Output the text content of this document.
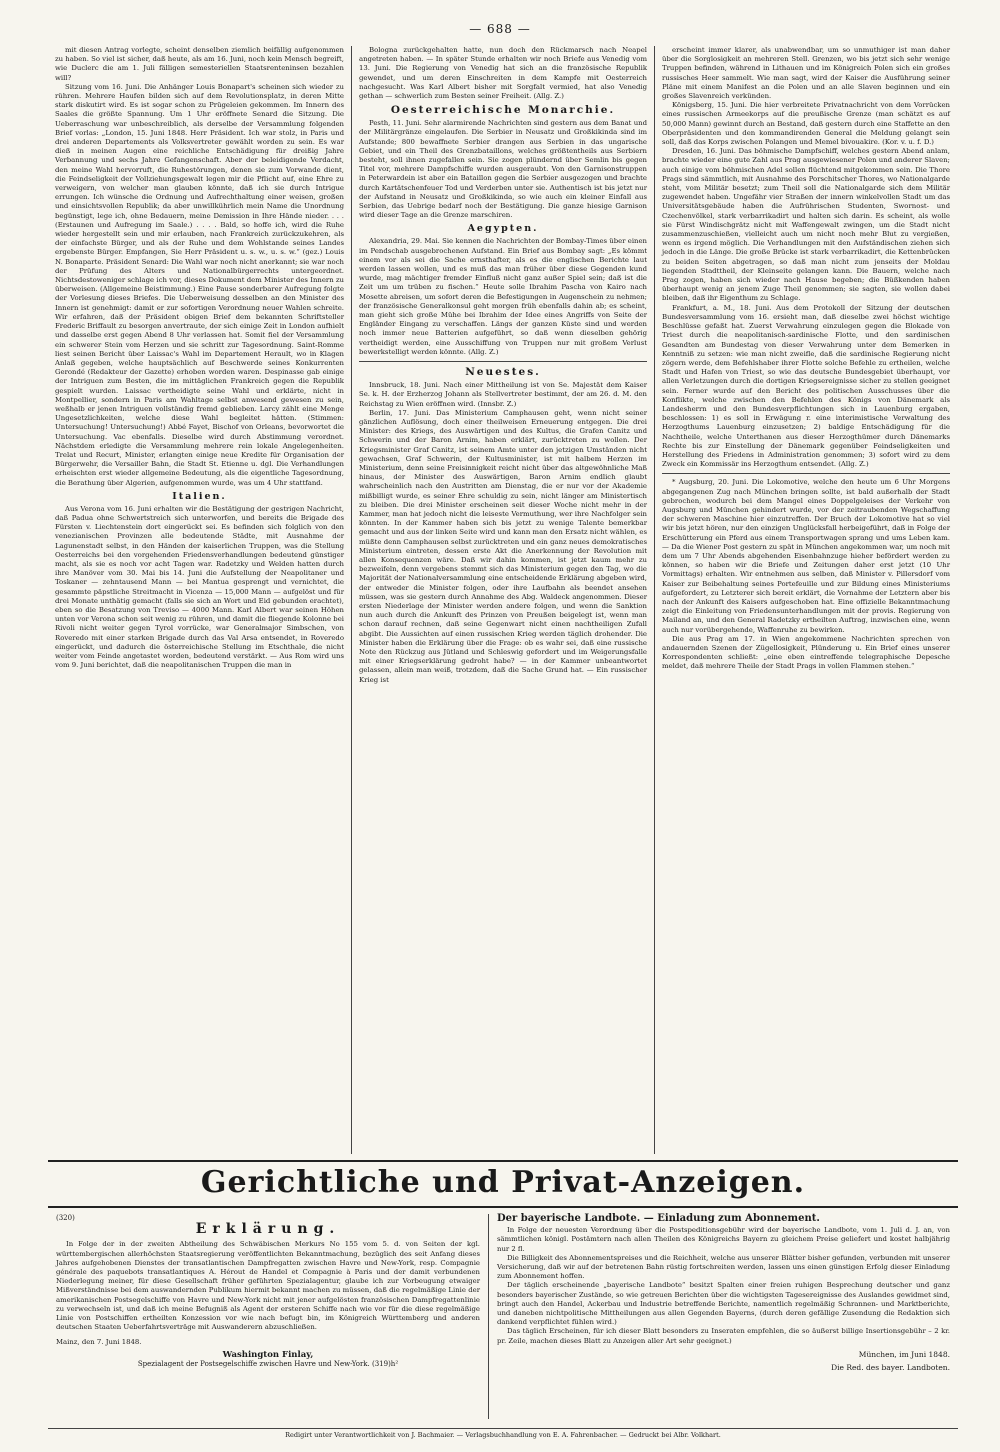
— 688 —

mit diesen Antrag vorlegte, scheint denselben ziemlich beifällig aufgenommen zu haben. So viel ist sicher, daß heute, als am 16. Juni, noch kein Mensch begreift, wie Duclerc die am 1. Juli fälligen semesteriellen Staatsrenteninsen bezahlen will?

Sitzung vom 16. Juni. Die Anhänger Louis Bonapart's scheinen sich wieder zu rühren. Mehrere Haufen bilden sich auf dem Revolutionsplatz, in deren Mitte stark diskutirt wird. Es ist sogar schon zu Prügeleien gekommen. Im Innern des Saales die größte Spannung. Um 1 Uhr eröffnete Senard die Sitzung. Die Ueberraschung war unbeschreiblich, als derselbe der Versammlung folgenden Brief vorlas: „London, 15. Juni 1848. Herr Präsident. Ich war stolz, in Paris und drei anderen Departements als Volksvertreter gewählt worden zu sein. Es war dieß in meinen Augen eine reichliche Entschädigung für dreißig Jahre Verbannung und sechs Jahre Gefangenschaft. Aber der beleidigende Verdacht, den meine Wahl hervorruft, die Ruhestörungen, denen sie zum Vorwande dient, die Feindseligkeit der Vollziehungsgewalt legen mir die Pflicht auf, eine Ehre zu verweigern, von welcher man glauben könnte, daß ich sie durch Intrigue errungen. Ich wünsche die Ordnung und Aufrechthaltung einer weisen, großen und einsichtsvollen Republik; da aber unwillkührlich mein Name die Unordnung begünstigt, lege ich, ohne Bedauern, meine Demission in Ihre Hände nieder. . . . (Erstaunen und Aufregung im Saale.) . . . . Bald, so hoffe ich, wird die Ruhe wieder hergestellt sein und mir erlauben, nach Frankreich zurückzukehren, als der einfachste Bürger, und als der Ruhe und dem Wohlstande seines Landes ergebenste Bürger. Empfangen, Sie Herr Präsident u. s. w., u. s. w.“ (gez.) Louis N. Bonaparte. Präsident Senard: Die Wahl war noch nicht anerkannt; sie war noch der Prüfung des Alters und Nationalbürgerrechts untergeordnet. Nichtsdestoweniger schlage ich vor, dieses Dokument dem Minister des Innern zu überweisen. (Allgemeine Beistimmung.) Eine Pause sonderbarer Aufregung folgte der Vorlesung dieses Briefes. Die Ueberweisung desselben an den Minister des Innern ist genehmigt: damit er zur sofortigen Verordnung neuer Wahlen schreite. Wir erfahren, daß der Präsident obigen Brief dem bekannten Schriftsteller Frederic Briffault zu besorgen anvertraute, der sich einige Zeit in London aufhielt und dasselbe erst gegen Abend 8 Uhr verlassen hat. Somit fiel der Versammlung ein schwerer Stein vom Herzen und sie schritt zur Tagesordnung. Saint-Romme liest seinen Bericht über Laissac's Wahl im Departement Herault, wo in Klagen Anlaß gegeben, welche hauptsächlich auf Beschwerde seines Konkurrenten Gerondé (Redakteur der Gazette) erhoben worden waren. Despinasse gab einige der Intriguen zum Besten, die im mittäglichen Frankreich gegen die Republik gespielt wurden. Laissac vertheidigte seine Wahl und erklärte, nicht in Montpellier, sondern in Paris am Wahltage selbst anwesend gewesen zu sein, weßhalb er jenen Intriguen vollständig fremd geblieben. Larcy zählt eine Menge Ungesetzlichkeiten, welche diese Wahl begleitet hätten. (Stimmen: Untersuchung! Untersuchung!) Abbé Fayet, Bischof von Orleans, bevorwortet die Untersuchung. Vac ebenfalls. Dieselbe wird durch Abstimmung verordnet. Nächstdem erledigte die Versammlung mehrere rein lokale Angelegenheiten. Trelat und Recurt, Minister, erlangten einige neue Kredite für Organisation der Bürgerwehr, die Versailler Bahn, die Stadt St. Etienne u. dgl. Die Verhandlungen erheischten erst wieder allgemeine Bedeutung, als die eigentliche Tagesordnung, die Berathung über Algerien, aufgenommen wurde, was um 4 Uhr stattfand.

Italien.

Aus Verona vom 16. Juni erhalten wir die Bestätigung der gestrigen Nachricht, daß Padua ohne Schwertstreich sich unterworfen, und bereits die Brigade des Fürsten v. Liechtenstein dort eingerückt sei. Es befinden sich folglich von den venezianischen Provinzen alle bedeutende Städte, mit Ausnahme der Lagunenstadt selbst, in den Händen der kaiserlichen Truppen, was die Stellung Oesterreichs bei den vorgehenden Friedensverhandlungen bedeutend günstiger macht, als sie es noch vor acht Tagen war. Radetzky und Welden hatten durch ihre Manöver vom 30. Mai bis 14. Juni die Aufstellung der Neapolitaner und Toskaner — zehntausend Mann — bei Mantua gesprengt und vernichtet, die gesammte päpstliche Streitmacht in Vicenza — 15,000 Mann — aufgelöst und für drei Monate unthätig gemacht (falls sie sich an Wort und Eid gebunden erachtet), eben so die Besatzung von Treviso — 4000 Mann. Karl Albert war seinen Höhen unten vor Verona schon seit wenig zu rühren, und damit die fliegende Kolonne bei Rivoli nicht weiter gegen Tyrol vorrücke, war Generalmajor Simbschen, von Roveredo mit einer starken Brigade durch das Val Arsa entsendet, in Roveredo eingerückt, und dadurch die österreichische Stellung im Etschthale, die nicht weiter vom Feinde angetastet worden, bedeutend verstärkt. — Aus Rom wird uns vom 9. Juni berichtet, daß die neapolitanischen Truppen die man in

Bologna zurückgehalten hatte, nun doch den Rückmarsch nach Neapel angetreten haben. — In später Stunde erhalten wir noch Briefe aus Venedig vom 13. Juni. Die Regierung von Venedig hat sich an die französische Republik gewendet, und um deren Einschreiten in dem Kampfe mit Oesterreich nachgesucht. Was Karl Albert bisher mit Sorgfalt vermied, hat also Venedig gethan — schwerlich zum Besten seiner Freiheit. (Allg. Z.)

Oesterreichische Monarchie.

Pesth, 11. Juni. Sehr alarmirende Nachrichten sind gestern aus dem Banat und der Militärgränze eingelaufen. Die Serbier in Neusatz und Großkikinda sind im Aufstande; 800 bewaffnete Serbier drangen aus Serbien in das ungarische Gebiet, und ein Theil des Grenzbataillons, welches größtentheils aus Serbiern besteht, soll ihnen zugefallen sein. Sie zogen plündernd über Semlin bis gegen Titel vor, mehrere Dampfschiffe wurden ausgeraubt. Von den Garnisonstruppen in Peterwardein ist aber ein Bataillon gegen die Serbier ausgezogen und brachte durch Kartätschenfeuer Tod und Verderben unter sie. Authentisch ist bis jetzt nur der Aufstand in Neusatz und Großkikinda, so wie auch ein kleiner Einfall aus Serbien, das Uebrige bedarf noch der Bestätigung. Die ganze hiesige Garnison wird dieser Tage an die Grenze marschiren.

Aegypten.

Alexandria, 29. Mai. Sie kennen die Nachrichten der Bombay-Times über einen im Pendschab ausgebrochenen Aufstand. Ein Brief aus Bombay sagt: „Es kömmt einem vor als sei die Sache ernsthafter, als es die englischen Berichte laut werden lassen wollen, und es muß das man früher über diese Gegenden kund wurde, mag mächtiger fremder Einfluß nicht ganz außer Spiel sein; daß ist die Zeit um um trüben zu fischen.“ Heute solle Ibrahim Pascha von Kairo nach Mosette abreisen, um sofort deren die Befestigungen in Augenschein zu nehmen; der französische Generalkonsul geht morgen früh ebenfalls dahin ab; es scheint, man gieht sich große Mühe bei Ibrahim der Idee eines Angriffs von Seite der Engländer Eingang zu verschaffen. Längs der ganzen Küste sind und werden noch immer neue Batterien aufgeführt, so daß wenn dieselben gehörig vertheidigt werden, eine Ausschiffung von Truppen nur mit großem Verlust bewerkstelligt werden könnte. (Allg. Z.)

Neuestes.

Innsbruck, 18. Juni. Nach einer Mittheilung ist von Se. Majestät dem Kaiser Se. k. H. der Erzherzog Johann als Stellvertreter bestimmt, der am 26. d. M. den Reichstag zu Wien eröffnen wird. (Innsbr. Z.)

Berlin, 17. Juni. Das Ministerium Camphausen geht, wenn nicht seiner gänzlichen Auflösung, doch einer theilweisen Erneuerung entgegen. Die drei Minister: des Kriegs, des Auswärtigen und des Kultus, die Grafen Canitz und Schwerin und der Baron Arnim, haben erklärt, zurücktreten zu wollen. Der Kriegsminister Graf Canitz, ist seinem Amte unter den jetzigen Umständen nicht gewachsen, Graf Schwerin, der Kultusminister, ist mit halbem Herzen im Ministerium, denn seine Freisinnigkeit reicht nicht über das altgewöhnliche Maß hinaus, der Minister des Auswärtigen, Baron Arnim endlich glaubt wahrscheinlich nach den Austritten am Dienstag, die er nur vor der Akademie mißbilligt wurde, es seiner Ehre schuldig zu sein, nicht länger am Ministertisch zu bleiben. Die drei Minister erscheinen seit dieser Woche nicht mehr in der Kammer, man hat jedoch nicht die leiseste Vermuthung, wer ihre Nachfolger sein könnten. In der Kammer haben sich bis jetzt zu wenige Talente bemerkbar gemacht und aus der linken Seite wird und kann man den Ersatz nicht wählen, es müßte denn Camphausen selbst zurücktreten und ein ganz neues demokratisches Ministerium eintreten, dessen erste Akt die Anerkennung der Revolution mit allen Konsequenzen wäre. Daß wir dahin kommen, ist jetzt kaum mehr zu bezweifeln, denn vergebens stemmt sich das Ministerium gegen den Tag, wo die Majorität der Nationalversammlung eine entscheidende Erklärung abgeben wird, der entweder die Minister folgen, oder ihre Laufbahn als beendet ansehen müssen, was sie gestern durch Annahme des Abg. Waldeck angenommen. Dieser ersten Niederlage der Minister werden andere folgen, und wenn die Sanktion nun auch durch die Ankunft des Prinzen von Preußen beigelegt ist, wenn man schon darauf rechnen, daß seine Gegenwart nicht einen nachtheiligen Zufall abgibt. Die Aussichten auf einen russischen Krieg werden täglich drohender. Die Minister haben die Erklärung über die Frage: ob es wahr sei, daß eine russische Note den Rückzug aus Jütland und Schleswig gefordert und im Weigerungsfalle mit einer Kriegserklärung gedroht habe? — in der Kammer unbeantwortet gelassen, allein man weiß, trotzdem, daß die Sache Grund hat. — Ein russischer Krieg ist

erscheint immer klarer, als unabwendbar, um so unmuthiger ist man daher über die Sorglosigkeit an mehreren Stell. Grenzen, wo bis jetzt sich sehr wenige Truppen befinden, während in Lithauen und im Königreich Polen sich ein großes russisches Heer sammelt. Wie man sagt, wird der Kaiser die Ausführung seiner Pläne mit einem Manifest an die Polen und an alle Slaven beginnen und ein großes Slavenreich verkünden.

Königsberg, 15. Juni. Die hier verbreitete Privatnachricht von dem Vorrücken eines russischen Armeekorps auf die preußische Grenze (man schätzt es auf 50,000 Mann) gewinnt durch an Bestand, daß gestern durch eine Staffette an den Oberpräsidenten und den kommandirenden General die Meldung gelangt sein soll, daß das Korps zwischen Polangen und Memel bivouakire. (Kor. v. u. f. D.)

Dresden, 16. Juni. Das böhmische Dampfschiff, welches gestern Abend anlam, brachte wieder eine gute Zahl aus Prag ausgewiesener Polen und anderer Slaven; auch einige vom böhmischen Adel sollen flüchtend mitgekommen sein. Die Thore Prags sind sämmtlich, mit Ausnahme des Porschitscher Thores, wo Nationalgarde steht, vom Militär besetzt; zum Theil soll die Nationalgarde sich dem Militär zugewendet haben. Ungefähr vier Straßen der innern winkelvollen Stadt um das Universitätsgebäude haben die Aufrührischen Studenten, Swornost- und Czechenvölkel, stark verbarrikadirt und halten sich darin. Es scheint, als wolle sie Fürst Windischgrätz nicht mit Waffengewalt zwingen, um die Stadt nicht zusammenzuschießen, vielleicht auch um nicht noch mehr Blut zu vergießen, wenn es irgend möglich. Die Verhandlungen mit den Aufständischen ziehen sich jedoch in die Länge. Die große Brücke ist stark verbarrikadirt, die Kettenbrücken zu beiden Seiten abgetragen, so daß man nicht zum jenseits der Moldau liegenden Stadttheil, der Kleinseite gelangen kann. Die Bauern, welche nach Prag zogen, haben sich wieder nach Hause begeben; die Büßkenden haben überhaupt wenig an jenem Zuge Theil genommen; sie sagten, sie wollen dabei bleiben, daß ihr Eigenthum zu Schlage.

Frankfurt, a. M., 18. Juni. Aus dem Protokoll der Sitzung der deutschen Bundesversammlung vom 16. ersieht man, daß dieselbe zwei höchst wichtige Beschlüsse gefaßt hat. Zuerst Verwahrung einzulegen gegen die Blokade von Triest durch die neapolitanisch-sardinische Flotte, und den sardinischen Gesandten am Bundestag von dieser Verwahrung unter dem Bemerken in Kenntniß zu setzen: wie man nicht zweifle, daß die sardinische Regierung nicht zögern werde, dem Befehlshaber ihrer Flotte solche Befehle zu ertheilen, welche Stadt und Hafen von Triest, so wie das deutsche Bundesgebiet überhaupt, vor allen Verletzungen durch die dortigen Kriegsereignisse sicher zu stellen geeignet sein. Ferner wurde auf den Bericht des politischen Ausschusses über die Konflikte, welche zwischen den Befehlen des Königs von Dänemark als Landesherrn und den Bundesverpflichtungen sich in Lauenburg ergaben, beschlossen: 1) es soll in Erwägung r. eine interimistische Verwaltung des Herzogthums Lauenburg einzusetzen; 2) baldige Entschädigung für die Nachtheile, welche Unterthanen aus dieser Herzogthümer durch Dänemarks Rechte bis zur Einstellung der Dänemark gegenüber Feindseligkeiten und Herstellung des Friedens in Administration genommen; 3) sofort wird zu dem Zweck ein Kommissär ins Herzogthum entsendet. (Allg. Z.)

* Augsburg, 20. Juni. Die Lokomotive, welche den heute um 6 Uhr Morgens abgegangenen Zug nach München bringen sollte, ist bald außerhalb der Stadt gebrochen, wodurch bei dem Mangel eines Doppelgeleises der Verkehr von Augsburg und München gehindert wurde, vor der zeitraubenden Wegschaffung der schweren Maschine hier einzutreffen. Der Bruch der Lokomotive hat so viel wir bis jetzt hören, nur den einzigen Unglücksfall herbeigeführt, daß in Folge der Erschütterung ein Pferd aus einem Transportwagen sprang und ums Leben kam. — Da die Wiener Post gestern zu spät in München angekommen war, um noch mit dem um 7 Uhr Abends abgehenden Eisenbahnzuge hieher befördert werden zu können, so haben wir die Briefe und Zeitungen daher erst jetzt (10 Uhr Vormittags) erhalten. Wir entnehmen aus selben, daß Minister v. Pillersdorf vom Kaiser zur Beibehaltung seines Portefeuille und zur Bildung eines Ministeriums aufgefordert, zu Letzterer sich bereit erklärt, die Vornahme der Letztern aber bis nach der Ankunft des Kaisers aufgeschoben hat. Eine offizielle Bekanntmachung zeigt die Einleitung von Friedensunterhandlungen mit der provis. Regierung von Mailand an, und den General Radetzky ertheilten Auftrag, inzwischen eine, wenn auch nur vorübergehende, Waffenruhe zu bewirken.

Die aus Prag am 17. in Wien angekommene Nachrichten sprechen von andauernden Szenen der Zügellosigkeit, Plünderung u. Ein Brief eines unserer Korrespondenten schließt: „eine eben eintreffende telegraphische Depesche meldet, daß mehrere Theile der Stadt Prags in vollen Flammen stehen.“

Gerichtliche und Privat-Anzeigen.
(320)
Erklärung.

In Folge der in der zweiten Abtheilung des Schwäbischen Merkurs No 155 vom 5. d. von Seiten der kgl. württembergischen allerhöchsten Staatsregierung veröffentlichten Bekanntmachung, bezüglich des seit Anfang dieses Jahres aufgehobenen Dienstes der transatlantischen Dampfregatten zwischen Havre und New-York, resp. Compagnie générale des paquebots transatlantiques A. Hérout de Handel et Compagnie à Paris und der damit verbundenen Niederlegung meiner, für diese Gesellschaft früher geführten Spezialagentur, glaube ich zur Vorbeugung etwaiger Mißverständnisse bei dem auswandernden Publikum hiermit bekannt machen zu müssen, daß die regelmäßige Linie der amerikanischen Postsegelschiffe von Havre und New-York nicht mit jener aufgelösten französischen Dampfregattenlinie zu verwechseln ist, und daß ich meine Befugniß als Agent der ersteren Schiffe nach wie vor für die diese regelmäßige Linie von Postschiffen ertheilten Konzession vor wie nach befugt bin, im Königreich Württemberg und anderen deutschen Staaten Ueberfahrtsverträge mit Auswanderern abzuschließen.

Mainz, den 7. Juni 1848.
Washington Finlay,
Spezialagent der Postsegelschiffe zwischen Havre und New-York. (319)h²
Der bayerische Landbote. — Einladung zum Abonnement.

In Folge der neuesten Verordnung über die Postspeditionsgebühr wird der bayerische Landbote, vom 1. Juli d. J. an, von sämmtlichen königl. Postämtern nach allen Theilen des Königreichs Bayern zu gleichem Preise geliefert und kostet halbjährig nur 2 fl.

Die Billigkeit des Abonnementspreises und die Reichheit, welche aus unserer Blätter bisher gefunden, verbunden mit unserer Versicherung, daß wir auf der betretenen Bahn rüstig fortschreiten werden, lassen uns einen günstigen Erfolg dieser Einladung zum Abonnement hoffen.

Der täglich erscheinende „bayerische Landbote“ besitzt Spalten einer freien ruhigen Besprechung deutscher und ganz besonders bayerischer Zustände, so wie getreuen Berichten über die wichtigsten Tagesereignisse des Auslandes gewidmet sind, bringt auch den Handel, Ackerbau und Industrie betreffende Berichte, namentlich regelmäßig Schrannen- und Marktberichte, und daneben nichtpolitische Mittheilungen aus allen Gegenden Bayerns, (durch deren gefällige Zusendung die Redaktion sich dankend verpflichtet fühlen wird.)

Das täglich Erscheinen, für ich dieser Blatt besonders zu Inseraten empfehlen, die so äußerst billige Insertionsgebühr – 2 kr. pr. Zeile, machen dieses Blatt zu Anzeigen aller Art sehr geeignet.)

München, im Juni 1848.
Die Red. des bayer. Landboten.
Redigirt unter Verantwortlichkeit von J. Bachmaier. — Verlagsbuchhandlung von E. A. Fahrenbacher. — Gedruckt bei Albr. Volkhart.
